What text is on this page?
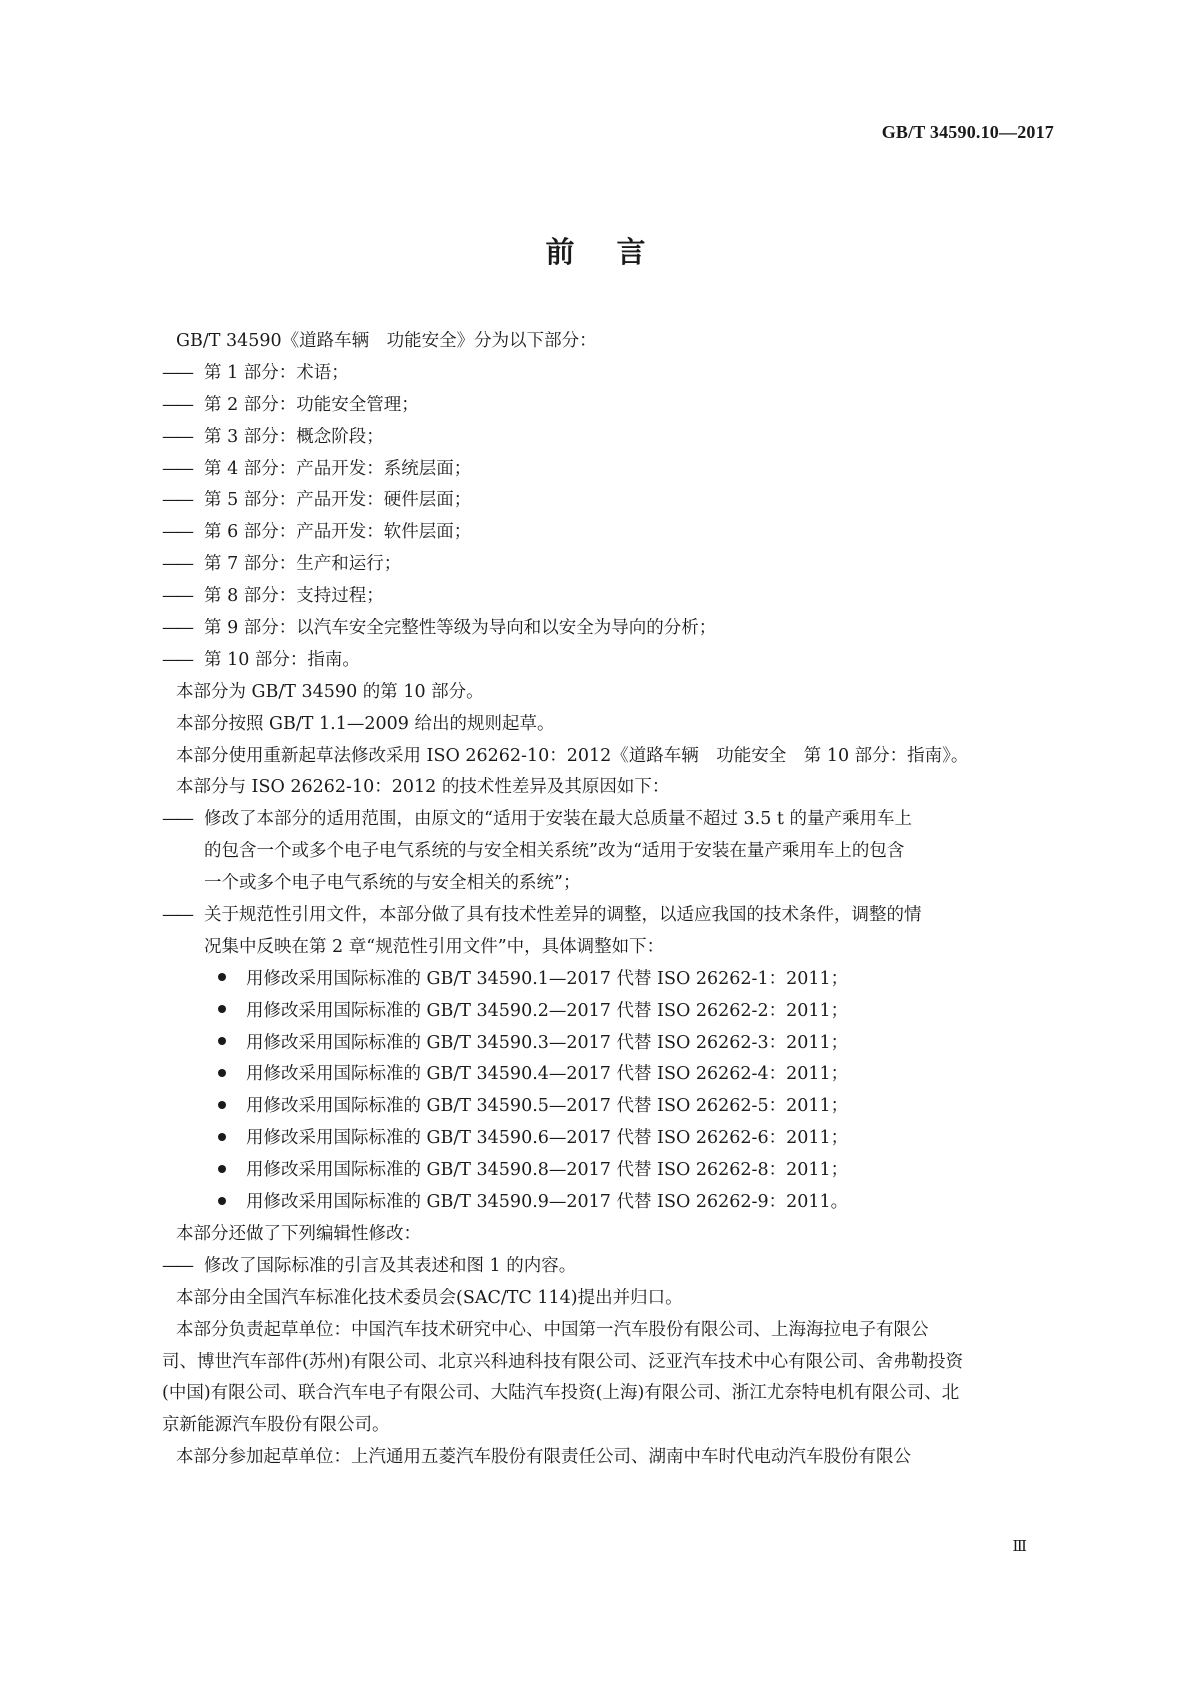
GB/T 34590.10—2017
前言
GB/T 34590《道路车辆　功能安全》分为以下部分：
—— 第 1 部分：术语；
—— 第 2 部分：功能安全管理；
—— 第 3 部分：概念阶段；
—— 第 4 部分：产品开发：系统层面；
—— 第 5 部分：产品开发：硬件层面；
—— 第 6 部分：产品开发：软件层面；
—— 第 7 部分：生产和运行；
—— 第 8 部分：支持过程；
—— 第 9 部分：以汽车安全完整性等级为导向和以安全为导向的分析；
—— 第 10 部分：指南。
本部分为 GB/T 34590 的第 10 部分。
本部分按照 GB/T 1.1—2009 给出的规则起草。
本部分使用重新起草法修改采用 ISO 26262-10：2012《道路车辆　功能安全　第 10 部分：指南》。
本部分与 ISO 26262-10：2012 的技术性差异及其原因如下：
—— 修改了本部分的适用范围，由原文的“适用于安装在最大总质量不超过 3.5 t 的量产乘用车上
的包含一个或多个电子电气系统的与安全相关系统”改为“适用于安装在量产乘用车上的包含
一个或多个电子电气系统的与安全相关的系统”；
—— 关于规范性引用文件，本部分做了具有技术性差异的调整，以适应我国的技术条件，调整的情
况集中反映在第 2 章“规范性引用文件”中，具体调整如下：
用修改采用国际标准的 GB/T 34590.1—2017 代替 ISO 26262-1：2011；
用修改采用国际标准的 GB/T 34590.2—2017 代替 ISO 26262-2：2011；
用修改采用国际标准的 GB/T 34590.3—2017 代替 ISO 26262-3：2011；
用修改采用国际标准的 GB/T 34590.4—2017 代替 ISO 26262-4：2011；
用修改采用国际标准的 GB/T 34590.5—2017 代替 ISO 26262-5：2011；
用修改采用国际标准的 GB/T 34590.6—2017 代替 ISO 26262-6：2011；
用修改采用国际标准的 GB/T 34590.8—2017 代替 ISO 26262-8：2011；
用修改采用国际标准的 GB/T 34590.9—2017 代替 ISO 26262-9：2011。
本部分还做了下列编辑性修改：
—— 修改了国际标准的引言及其表述和图 1 的内容。
本部分由全国汽车标准化技术委员会(SAC/TC 114)提出并归口。
本部分负责起草单位：中国汽车技术研究中心、中国第一汽车股份有限公司、上海海拉电子有限公
司、博世汽车部件(苏州)有限公司、北京兴科迪科技有限公司、泛亚汽车技术中心有限公司、舍弗勒投资
(中国)有限公司、联合汽车电子有限公司、大陆汽车投资(上海)有限公司、浙江尤奈特电机有限公司、北
京新能源汽车股份有限公司。
本部分参加起草单位：上汽通用五菱汽车股份有限责任公司、湖南中车时代电动汽车股份有限公
Ⅲ
